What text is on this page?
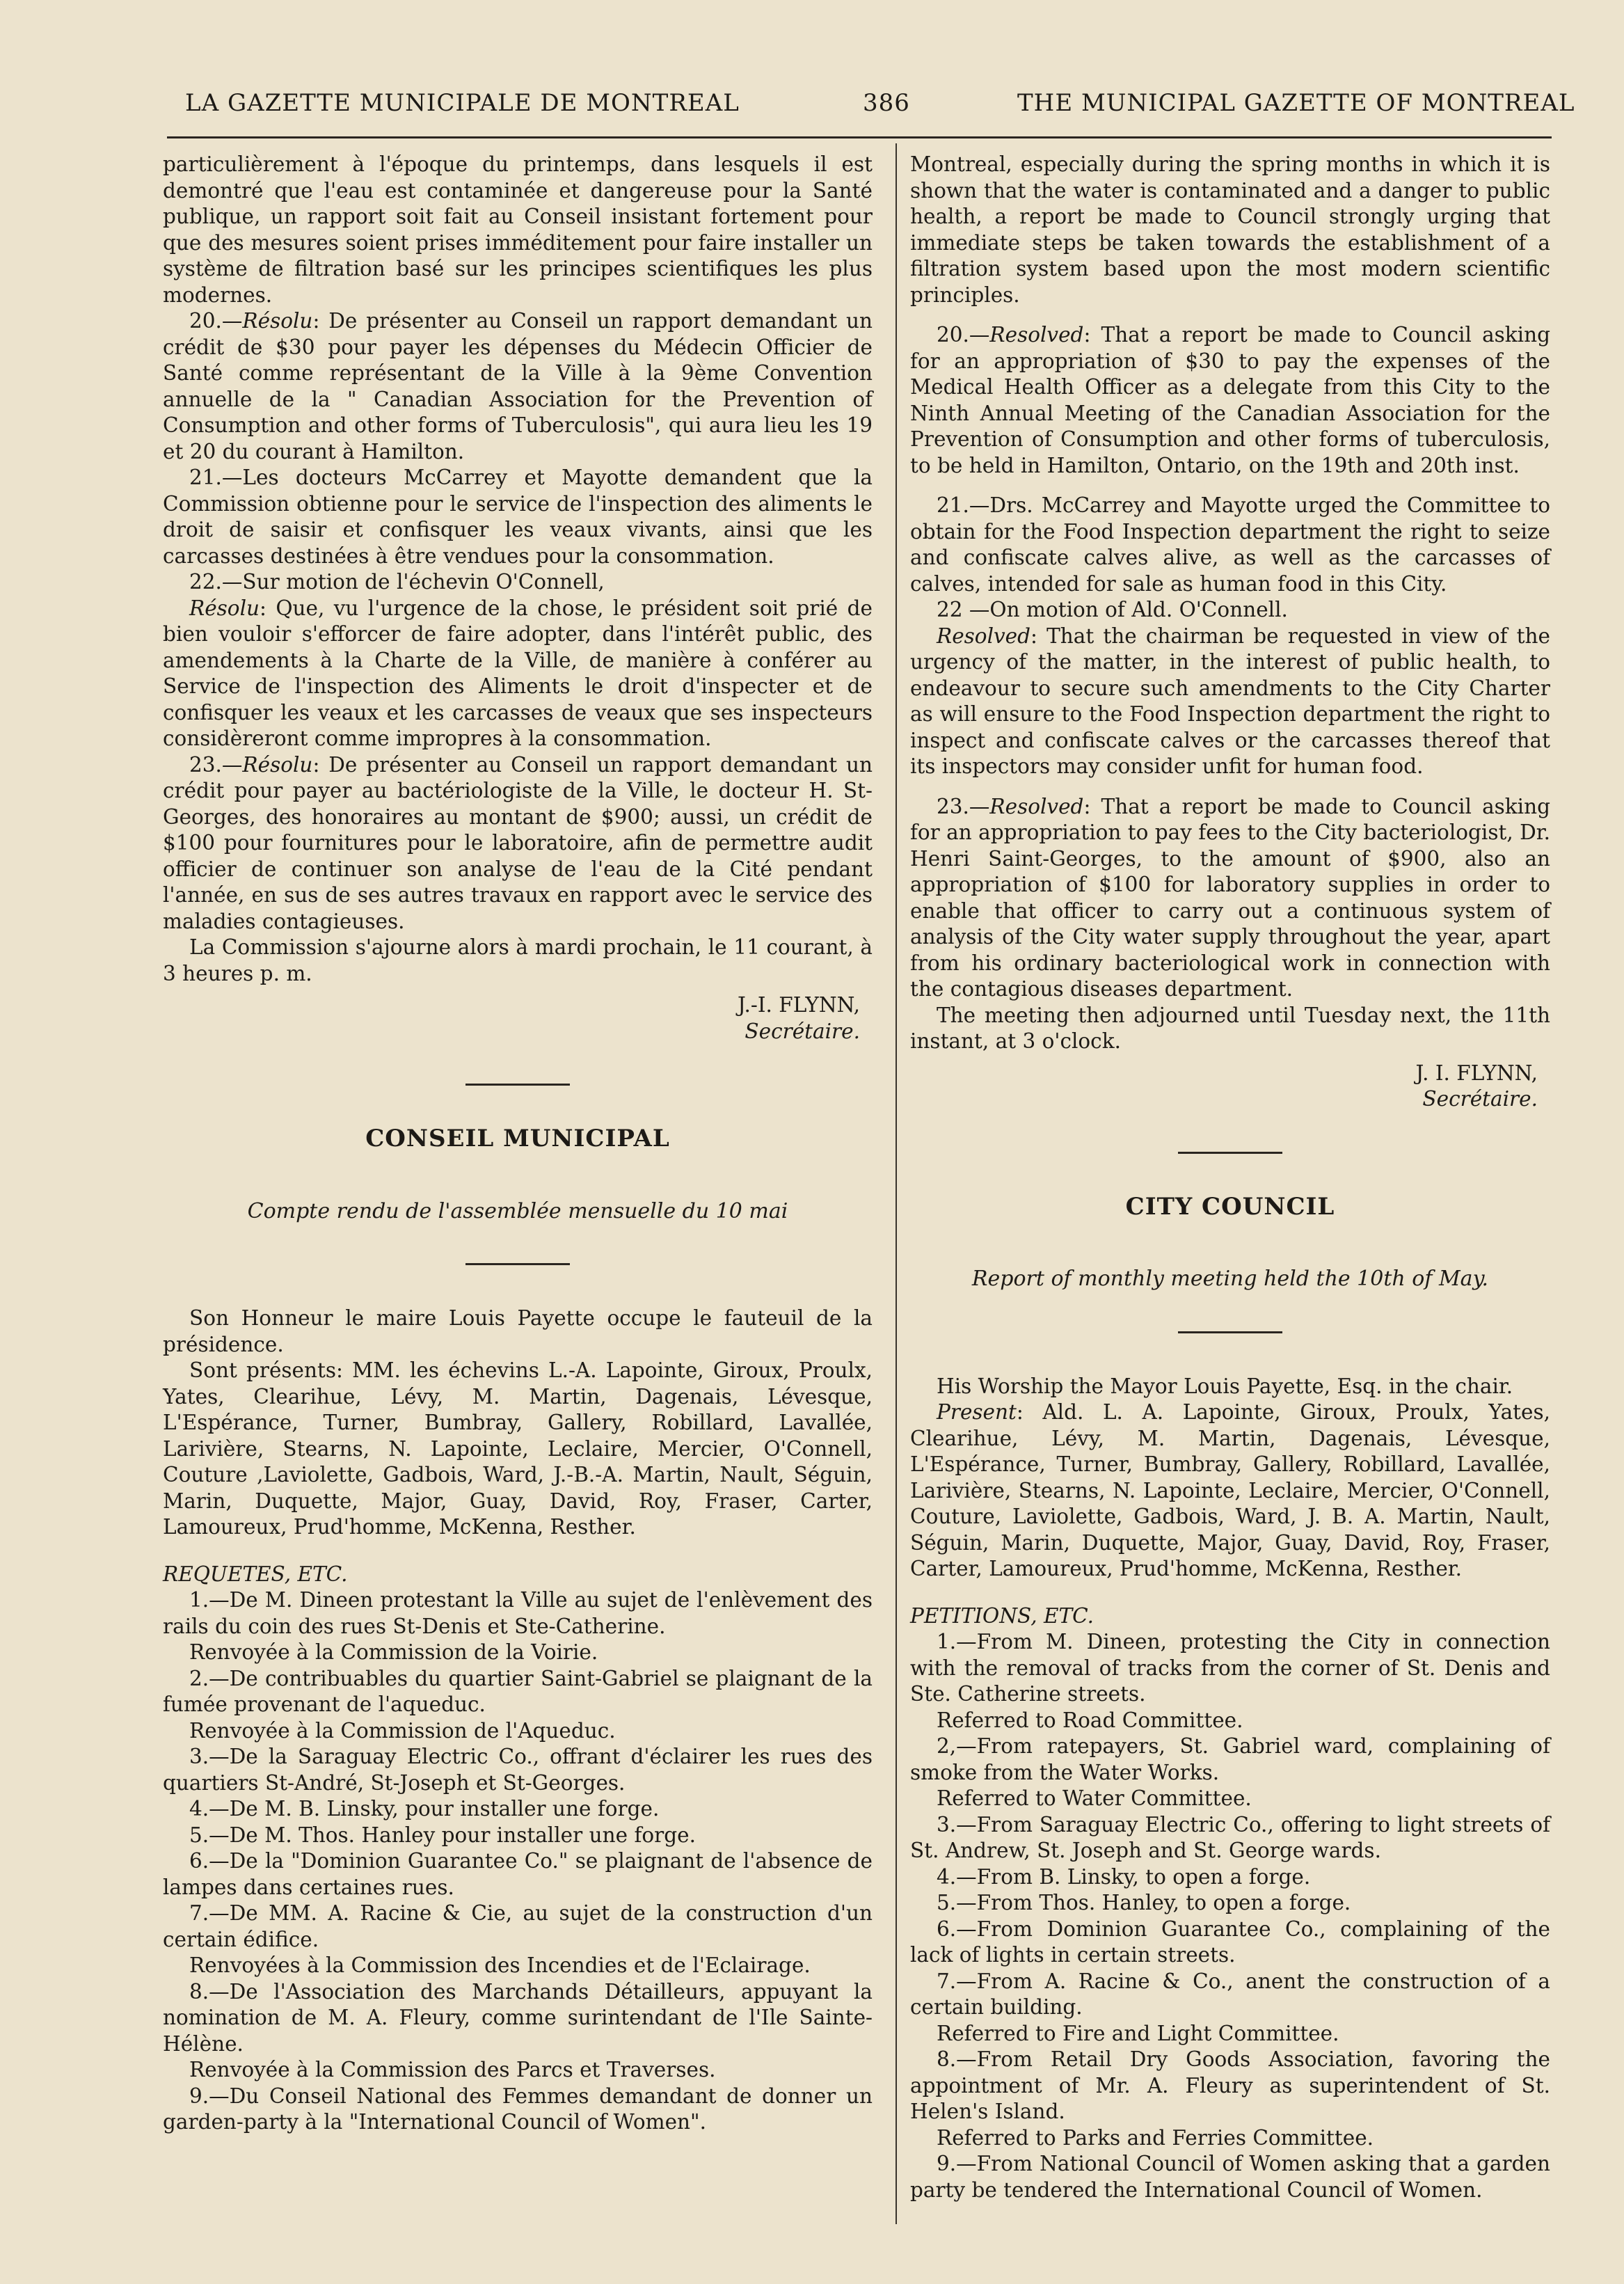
LA GAZETTE MUNICIPALE DE MONTREAL	386	THE MUNICIPAL GAZETTE OF MONTREAL

particulièrement à l'époque du printemps, dans lesquels il est demontré que l'eau est contaminée et dangereuse pour la Santé publique, un rapport soit fait au Conseil insistant fortement pour que des mesures soient prises imméditement pour faire installer un système de filtration basé sur les principes scientifiques les plus modernes.

20.—Résolu: De présenter au Conseil un rapport demandant un crédit de $30 pour payer les dépenses du Médecin Officier de Santé comme représentant de la Ville à la 9ème Convention annuelle de la " Canadian Association for the Prevention of Consumption and other forms of Tuberculosis", qui aura lieu les 19 et 20 du courant à Hamilton.

21.—Les docteurs McCarrey et Mayotte demandent que la Commission obtienne pour le service de l'inspection des aliments le droit de saisir et confisquer les veaux vivants, ainsi que les carcasses destinées à être vendues pour la consommation.

22.—Sur motion de l'échevin O'Connell,

Résolu: Que, vu l'urgence de la chose, le président soit prié de bien vouloir s'efforcer de faire adopter, dans l'intérêt public, des amendements à la Charte de la Ville, de manière à conférer au Service de l'inspection des Aliments le droit d'inspecter et de confisquer les veaux et les carcasses de veaux que ses inspecteurs considèreront comme impropres à la consommation.

23.—Résolu: De présenter au Conseil un rapport demandant un crédit pour payer au bactériologiste de la Ville, le docteur H. St-Georges, des honoraires au montant de $900; aussi, un crédit de $100 pour fournitures pour le laboratoire, afin de permettre audit officier de continuer son analyse de l'eau de la Cité pendant l'année, en sus de ses autres travaux en rapport avec le service des maladies contagieuses.

La Commission s'ajourne alors à mardi prochain, le 11 courant, à 3 heures p. m.

J.-I. FLYNN,
Secrétaire.
CONSEIL MUNICIPAL
Compte rendu de l'assemblée mensuelle du 10 mai

Son Honneur le maire Louis Payette occupe le fauteuil de la présidence.

Sont présents: MM. les échevins L.-A. Lapointe, Giroux, Proulx, Yates, Clearihue, Lévy, M. Martin, Dagenais, Lévesque, L'Espérance, Turner, Bumbray, Gallery, Robillard, Lavallée, Larivière, Stearns, N. Lapointe, Leclaire, Mercier, O'Connell, Couture ,Laviolette, Gadbois, Ward, J.-B.-A. Martin, Nault, Séguin, Marin, Duquette, Major, Guay, David, Roy, Fraser, Carter, Lamoureux, Prud'homme, McKenna, Resther.

REQUETES, ETC.

1.—De M. Dineen protestant la Ville au sujet de l'enlèvement des rails du coin des rues St-Denis et Ste-Catherine.

Renvoyée à la Commission de la Voirie.

2.—De contribuables du quartier Saint-Gabriel se plaignant de la fumée provenant de l'aqueduc.

Renvoyée à la Commission de l'Aqueduc.

3.—De la Saraguay Electric Co., offrant d'éclairer les rues des quartiers St-André, St-Joseph et St-Georges.

4.—De M. B. Linsky, pour installer une forge.

5.—De M. Thos. Hanley pour installer une forge.

6.—De la "Dominion Guarantee Co." se plaignant de l'absence de lampes dans certaines rues.

7.—De MM. A. Racine & Cie, au sujet de la construction d'un certain édifice.

Renvoyées à la Commission des Incendies et de l'Eclairage.

8.—De l'Association des Marchands Détailleurs, appuyant la nomination de M. A. Fleury, comme surintendant de l'Ile Sainte-Hélène.

Renvoyée à la Commission des Parcs et Traverses.

9.—Du Conseil National des Femmes demandant de donner un garden-party à la "International Council of Women".

Montreal, especially during the spring months in which it is shown that the water is contaminated and a danger to public health, a report be made to Council strongly urging that immediate steps be taken towards the establishment of a filtration system based upon the most modern scientific principles.

20.—Resolved: That a report be made to Council asking for an appropriation of $30 to pay the expenses of the Medical Health Officer as a delegate from this City to the Ninth Annual Meeting of the Canadian Association for the Prevention of Consumption and other forms of tuberculosis, to be held in Hamilton, Ontario, on the 19th and 20th inst.

21.—Drs. McCarrey and Mayotte urged the Committee to obtain for the Food Inspection department the right to seize and confiscate calves alive, as well as the carcasses of calves, intended for sale as human food in this City.

22 —On motion of Ald. O'Connell.

Resolved: That the chairman be requested in view of the urgency of the matter, in the interest of public health, to endeavour to secure such amendments to the City Charter as will ensure to the Food Inspection department the right to inspect and confiscate calves or the carcasses thereof that its inspectors may consider unfit for human food.

23.—Resolved: That a report be made to Council asking for an appropriation to pay fees to the City bacteriologist, Dr. Henri Saint-Georges, to the amount of $900, also an appropriation of $100 for laboratory supplies in order to enable that officer to carry out a continuous system of analysis of the City water supply throughout the year, apart from his ordinary bacteriological work in connection with the contagious diseases department.

The meeting then adjourned until Tuesday next, the 11th instant, at 3 o'clock.

J. I. FLYNN,
Secrétaire.
CITY COUNCIL
Report of monthly meeting held the 10th of May.

His Worship the Mayor Louis Payette, Esq. in the chair.

Present: Ald. L. A. Lapointe, Giroux, Proulx, Yates, Clearihue, Lévy, M. Martin, Dagenais, Lévesque, L'Espérance, Turner, Bumbray, Gallery, Robillard, Lavallée, Larivière, Stearns, N. Lapointe, Leclaire, Mercier, O'Connell, Couture, Laviolette, Gadbois, Ward, J. B. A. Martin, Nault, Séguin, Marin, Duquette, Major, Guay, David, Roy, Fraser, Carter, Lamoureux, Prud'homme, McKenna, Resther.

PETITIONS, ETC.

1.—From M. Dineen, protesting the City in connection with the removal of tracks from the corner of St. Denis and Ste. Catherine streets.

Referred to Road Committee.

2,—From ratepayers, St. Gabriel ward, complaining of smoke from the Water Works.

Referred to Water Committee.

3.—From Saraguay Electric Co., offering to light streets of St. Andrew, St. Joseph and St. George wards.

4.—From B. Linsky, to open a forge.

5.—From Thos. Hanley, to open a forge.

6.—From Dominion Guarantee Co., complaining of the lack of lights in certain streets.

7.—From A. Racine & Co., anent the construction of a certain building.

Referred to Fire and Light Committee.

8.—From Retail Dry Goods Association, favoring the appointment of Mr. A. Fleury as superintendent of St. Helen's Island.

Referred to Parks and Ferries Committee.

9.—From National Council of Women asking that a garden party be tendered the International Council of Women.
